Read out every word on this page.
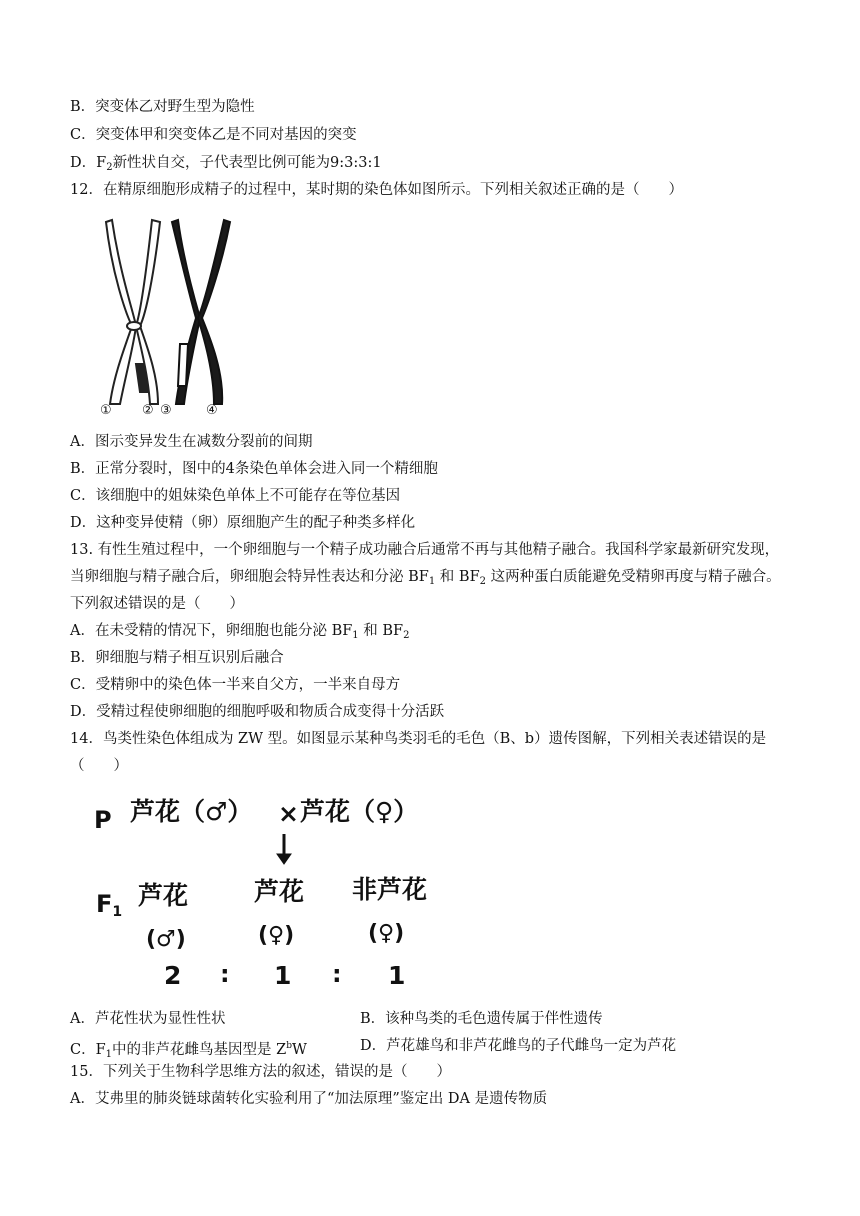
B．突变体乙对野生型为隐性
C．突变体甲和突变体乙是不同对基因的突变
D．$F_2$新性状自交，子代表型比例可能为9:3:3:1
12．在精原细胞形成精子的过程中，某时期的染色体如图所示。下列相关叙述正确的是（　　）
① ② ③	④
A．图示变异发生在减数分裂前的间期
B．正常分裂时，图中的4条染色单体会进入同一个精细胞
C．该细胞中的姐妹染色单体上不可能存在等位基因
D．这种变异使精（卵）原细胞产生的配子种类多样化
13. 有性生殖过程中，一个卵细胞与一个精子成功融合后通常不再与其他精子融合。我国科学家最新研究发现，
当卵细胞与精子融合后，卵细胞会特异性表达和分泌 $BF_1$ 和 $BF_2$ 这两种蛋白质能避免受精卵再度与精子融合。
下列叙述错误的是（　　）
A．在未受精的情况下，卵细胞也能分泌 $BF_1$ 和 $BF_2$
B．卵细胞与精子相互识别后融合
C．受精卵中的染色体一半来自父方，一半来自母方
D．受精过程使卵细胞的细胞呼吸和物质合成变得十分活跃
14．鸟类性染色体组成为 ZW 型。如图显示某种鸟类羽毛的毛色（B、b）遗传图解，下列相关表述错误的是
（　　）
P 芦花（♂） × 芦花（♀）
F1
芦花
(♂)
芦花
(♀)
非芦花
(♀)
2 : 1 : 1
A．芦花性状为显性性状	B．该种鸟类的毛色遗传属于伴性遗传
C．$F_1$中的非芦花雌鸟基因型是 $Z^bW$	D．芦花雄鸟和非芦花雌鸟的子代雌鸟一定为芦花
15．下列关于生物科学思维方法的叙述，错误的是（　　）
A．艾弗里的肺炎链球菌转化实验利用了“加法原理”鉴定出 DA 是遗传物质
